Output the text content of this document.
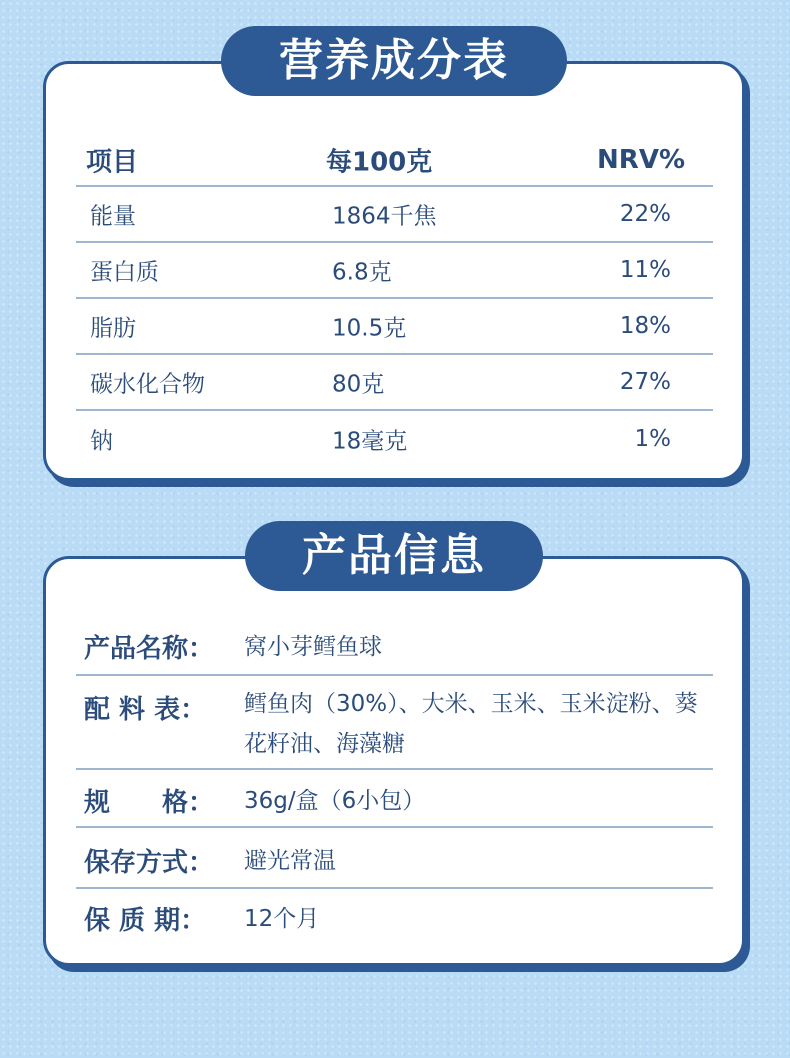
营养成分表
项目	每100克	NRV%
能量	1864千焦	22%
蛋白质	6.8克	11%
脂肪	10.5克	18%
碳水化合物	80克	27%
钠	18毫克	1%
产品信息
产品名称：	窝小芽鳕鱼球
配 料 表：	鳕鱼肉（30%）、大米、玉米、玉米淀粉、葵花籽油、海藻糖
规　　格：	36g/盒（6小包）
保存方式：	避光常温
保 质 期：	12个月
